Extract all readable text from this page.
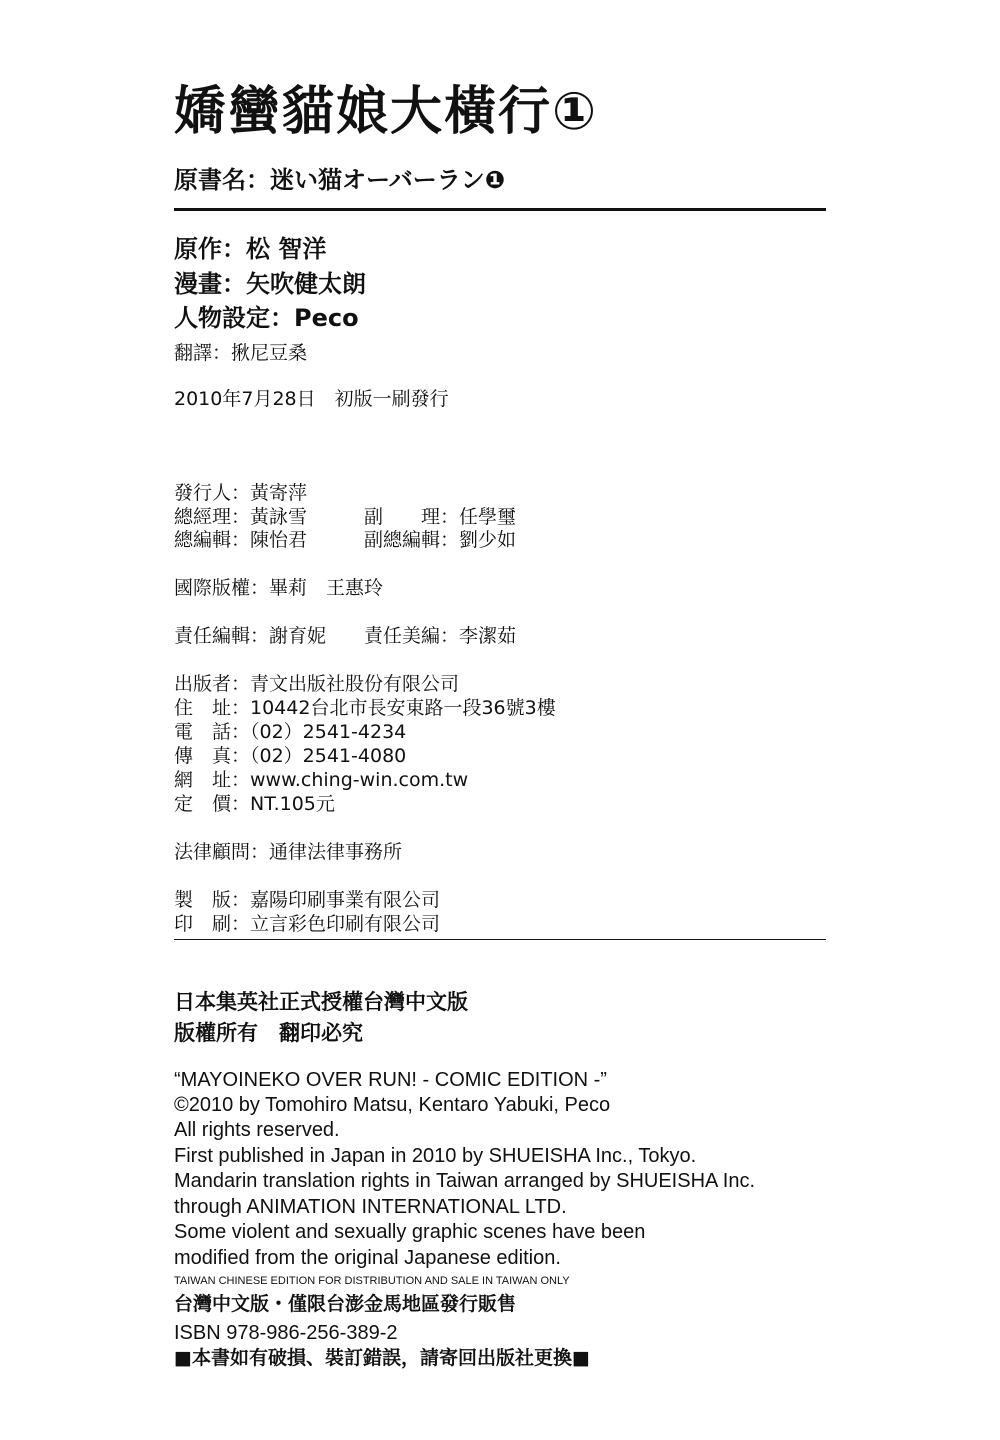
嬌蠻貓娘大橫行①
原書名：迷い猫オーバーラン❶
原作：松 智洋
漫畫：矢吹健太朗
人物設定：Peco
翻譯：揪尼豆桑
2010年7月28日　初版一刷發行
發行人：黃寄萍
總經理：黃詠雪	副　　理：任學璽
總編輯：陳怡君	副總編輯：劉少如
國際版權：畢莉　王惠玲
責任編輯：謝育妮 責任美編：李潔茹
出版者：青文出版社股份有限公司
住　址：10442台北市長安東路一段36號3樓
電　話：（02）2541-4234
傳　真：（02）2541-4080
網　址：www.ching-win.com.tw
定　價：NT.105元
法律顧問：通律法律事務所
製　版：嘉陽印刷事業有限公司
印　刷：立言彩色印刷有限公司
日本集英社正式授權台灣中文版
版權所有　翻印必究
“MAYOINEKO OVER RUN! - COMIC EDITION -”
©2010 by Tomohiro Matsu, Kentaro Yabuki, Peco
All rights reserved.
First published in Japan in 2010 by SHUEISHA Inc., Tokyo.
Mandarin translation rights in Taiwan arranged by SHUEISHA Inc.
through ANIMATION INTERNATIONAL LTD.
Some violent and sexually graphic scenes have been
modified from the original Japanese edition.
TAIWAN CHINESE EDITION FOR DISTRIBUTION AND SALE IN TAIWAN ONLY
台灣中文版・僅限台澎金馬地區發行販售
ISBN 978-986-256-389-2
■本書如有破損、裝訂錯誤，請寄回出版社更換■
